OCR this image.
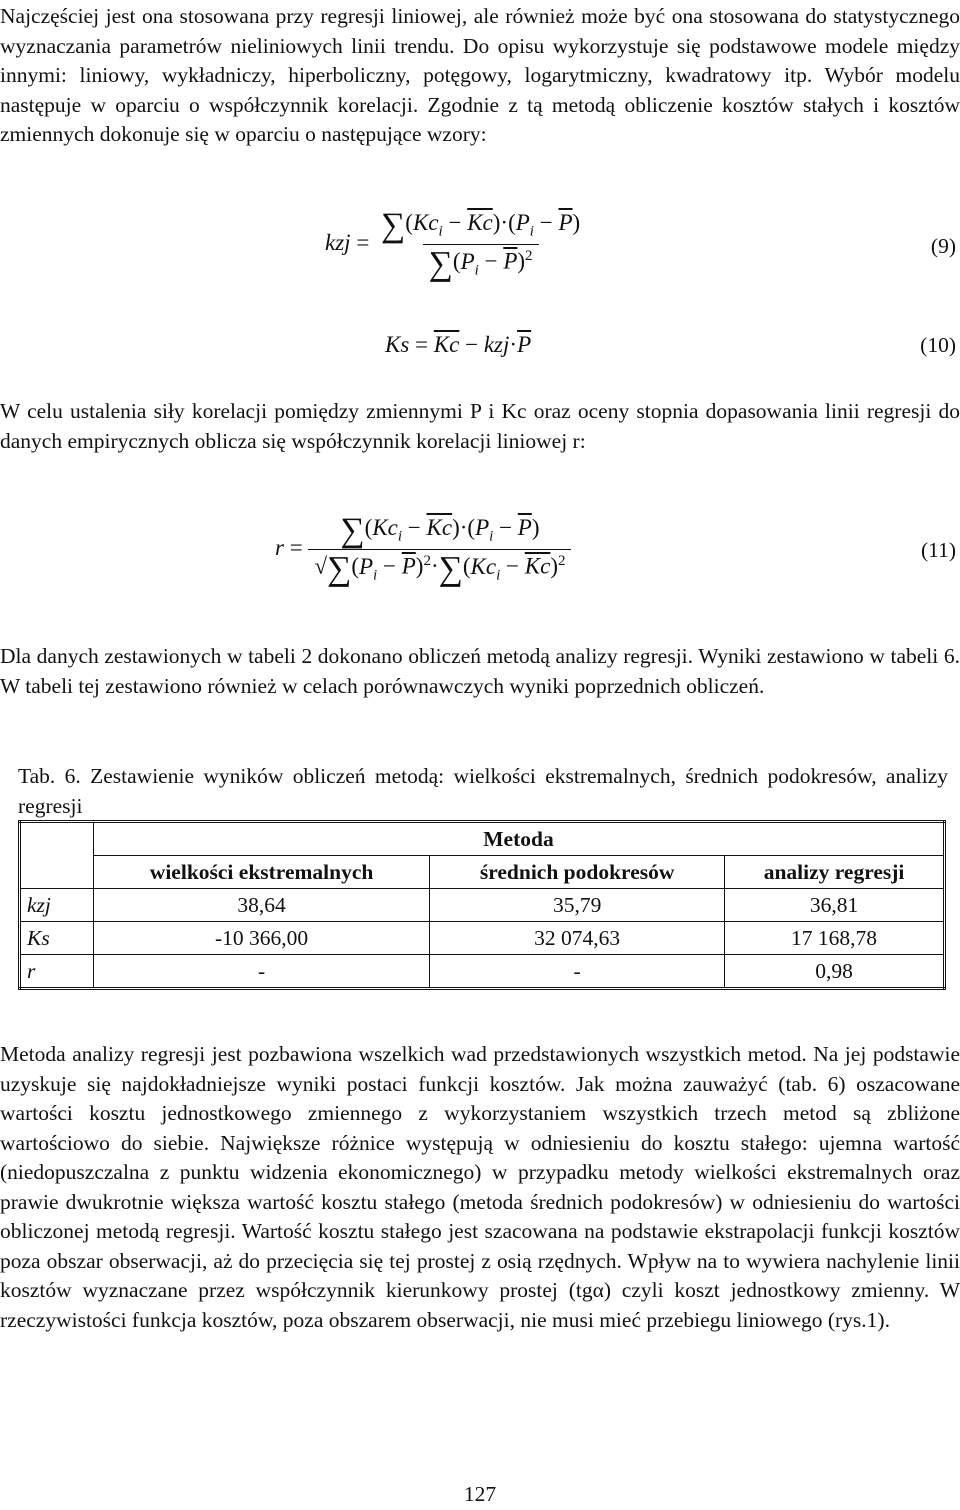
Najczęściej jest ona stosowana przy regresji liniowej, ale również może być ona stosowana do statystycznego wyznaczania parametrów nieliniowych linii trendu. Do opisu wykorzystuje się podstawowe modele między innymi: liniowy, wykładniczy, hiperboliczny, potęgowy, logarytmiczny, kwadratowy itp. Wybór modelu następuje w oparciu o współczynnik korelacji. Zgodnie z tą metodą obliczenie kosztów stałych i kosztów zmiennych dokonuje się w oparciu o następujące wzory:

kzj = $\frac{\sum(Kc_i - \overline{Kc})\cdot(P_i - \overline{P})}{\sum(P_i - \overline{P})^2}$	(9)
$Ks = \overline{Kc} - kzj\cdot\overline{P}$	(10)

W celu ustalenia siły korelacji pomiędzy zmiennymi P i Kc oraz oceny stopnia dopasowania linii regresji do danych empirycznych oblicza się współczynnik korelacji liniowej r:

$r = \frac{\sum(Kc_i - \overline{Kc})\cdot(P_i - \overline{P})}{√\sum(P_i - \overline{P})^2\cdot\sum(Kc_i - \overline{Kc})^2}$	(11)

Dla danych zestawionych w tabeli 2 dokonano obliczeń metodą analizy regresji. Wyniki zestawiono w tabeli 6. W tabeli tej zestawiono również w celach porównawczych wyniki poprzednich obliczeń.

Tab. 6. Zestawienie wyników obliczeń metodą: wielkości ekstremalnych, średnich podokresów, analizy regresji
	Metoda		
	wielkości ekstremalnych	średnich podokresów	analizy regresji
kzj	38,64	35,79	36,81
Ks	-10 366,00	32 074,63	17 168,78
r	-	-	0,98

Metoda analizy regresji jest pozbawiona wszelkich wad przedstawionych wszystkich metod. Na jej podstawie uzyskuje się najdokładniejsze wyniki postaci funkcji kosztów. Jak można zauważyć (tab. 6) oszacowane wartości kosztu jednostkowego zmiennego z wykorzystaniem wszystkich trzech metod są zbliżone wartościowo do siebie. Największe różnice występują w odniesieniu do kosztu stałego: ujemna wartość (niedopuszczalna z punktu widzenia ekonomicznego) w przypadku metody wielkości ekstremalnych oraz prawie dwukrotnie większa wartość kosztu stałego (metoda średnich podokresów) w odniesieniu do wartości obliczonej metodą regresji. Wartość kosztu stałego jest szacowana na podstawie ekstrapolacji funkcji kosztów poza obszar obserwacji, aż do przecięcia się tej prostej z osią rzędnych. Wpływ na to wywiera nachylenie linii kosztów wyznaczane przez współczynnik kierunkowy prostej (tgα) czyli koszt jednostkowy zmienny. W rzeczywistości funkcja kosztów, poza obszarem obserwacji, nie musi mieć przebiegu liniowego (rys.1).

127
